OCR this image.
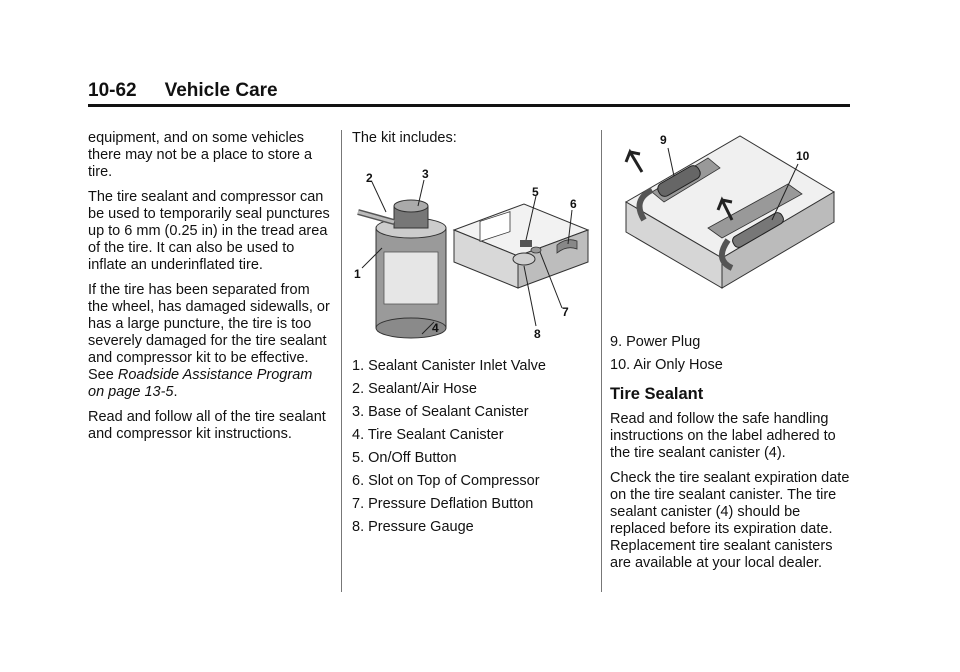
10-62 Vehicle Care

equipment, and on some vehicles there may not be a place to store a tire.

The tire sealant and compressor can be used to temporarily seal punctures up to 6 mm (0.25 in) in the tread area of the tire. It can also be used to inflate an underinflated tire.

If the tire has been separated from the wheel, has damaged sidewalls, or has a large puncture, the tire is too severely damaged for the tire sealant and compressor kit to be effective. See Roadside Assistance Program on page 13-5.

Read and follow all of the tire sealant and compressor kit instructions.

The kit includes:

2	3
1
4
5
6
7
8
1. Sealant Canister Inlet Valve
2. Sealant/Air Hose
3. Base of Sealant Canister
4. Tire Sealant Canister
5. On/Off Button
6. Slot on Top of Compressor
7. Pressure Deflation Button
8. Pressure Gauge
9
10
9. Power Plug
10. Air Only Hose
Tire Sealant

Read and follow the safe handling instructions on the label adhered to the tire sealant canister (4).

Check the tire sealant expiration date on the tire sealant canister. The tire sealant canister (4) should be replaced before its expiration date. Replacement tire sealant canisters are available at your local dealer.
